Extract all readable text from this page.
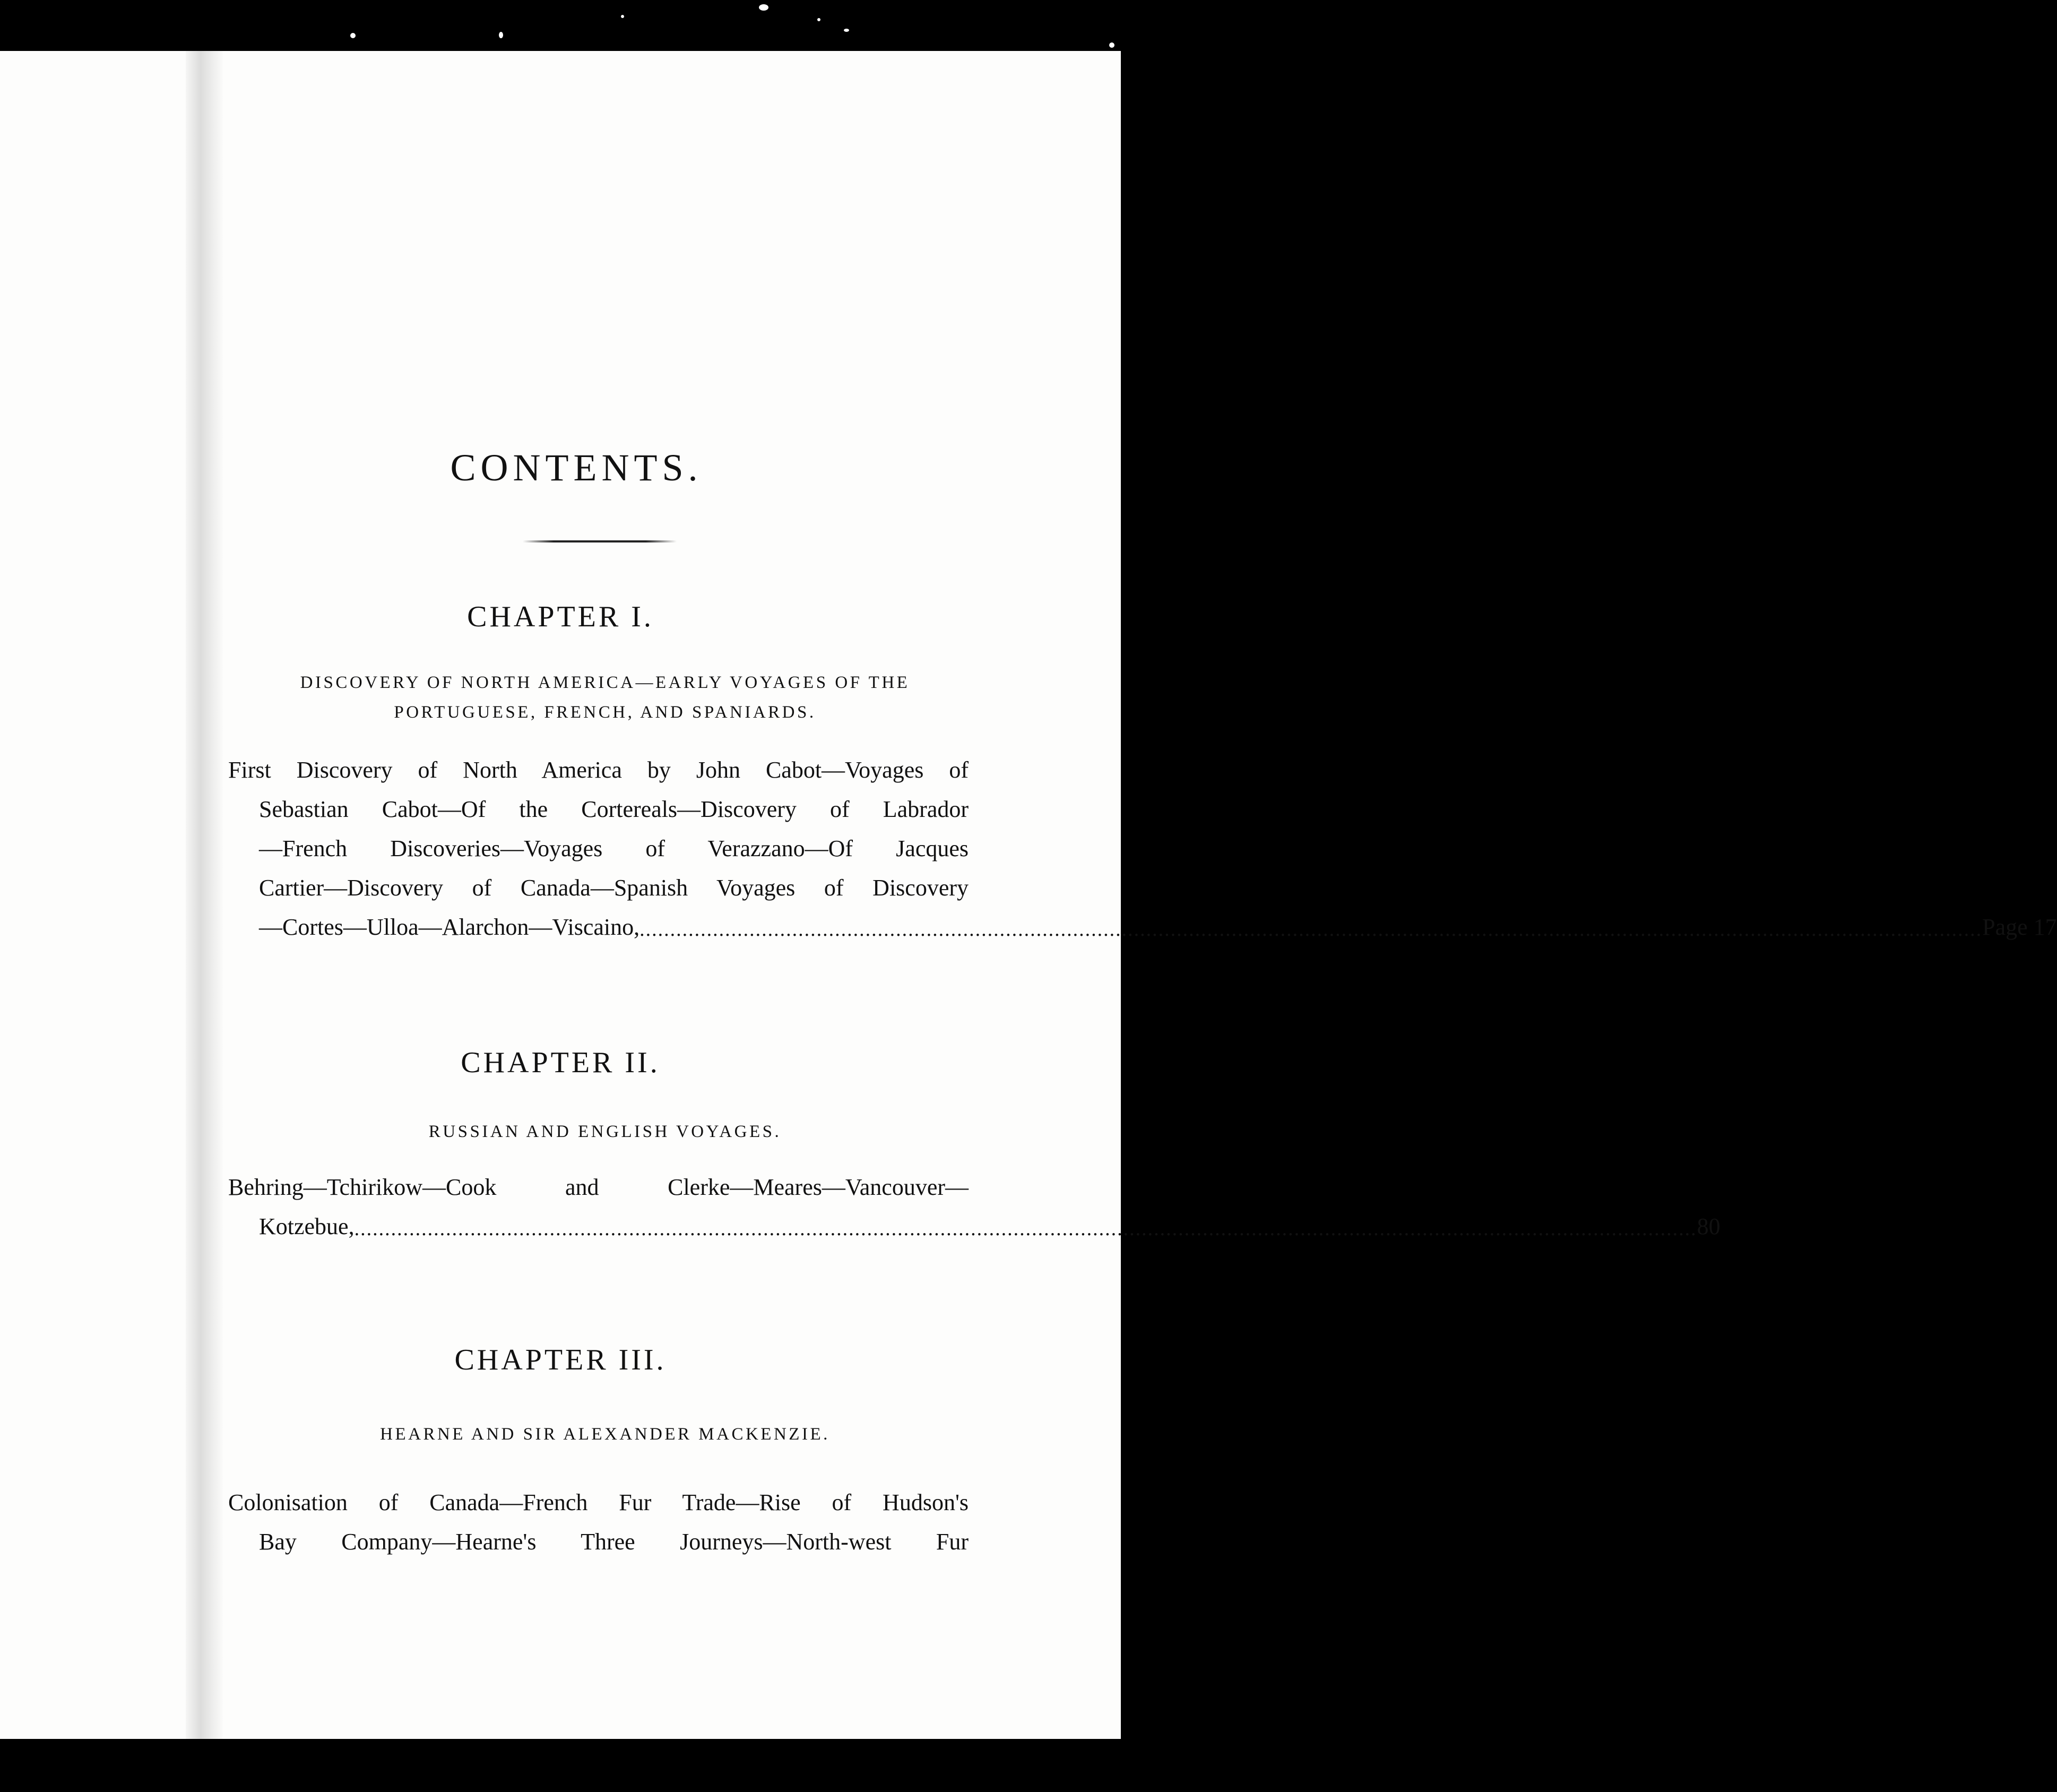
CONTENTS.
CHAPTER I.
DISCOVERY OF NORTH AMERICA—EARLY VOYAGES OF THE
PORTUGUESE, FRENCH, AND SPANIARDS.
First Discovery of North America by John Cabot—Voyages of
Sebastian Cabot—Of the Cortereals—Discovery of Labrador
—French Discoveries—Voyages of Verazzano—Of Jacques
Cartier—Discovery of Canada—Spanish Voyages of Discovery
—Cortes—Ulloa—Alarchon—Viscaino, ............................................................................................................................................................................................................................ Page 17
CHAPTER II.
RUSSIAN AND ENGLISH VOYAGES.
Behring—Tchirikow—Cook and Clerke—Meares—Vancouver—
Kotzebue, ............................................................................................................................................................................................................................ 80
CHAPTER III.
HEARNE AND SIR ALEXANDER MACKENZIE.
Colonisation of Canada—French Fur Trade—Rise of Hudson's
Bay Company—Hearne's Three Journeys—North-west Fur
